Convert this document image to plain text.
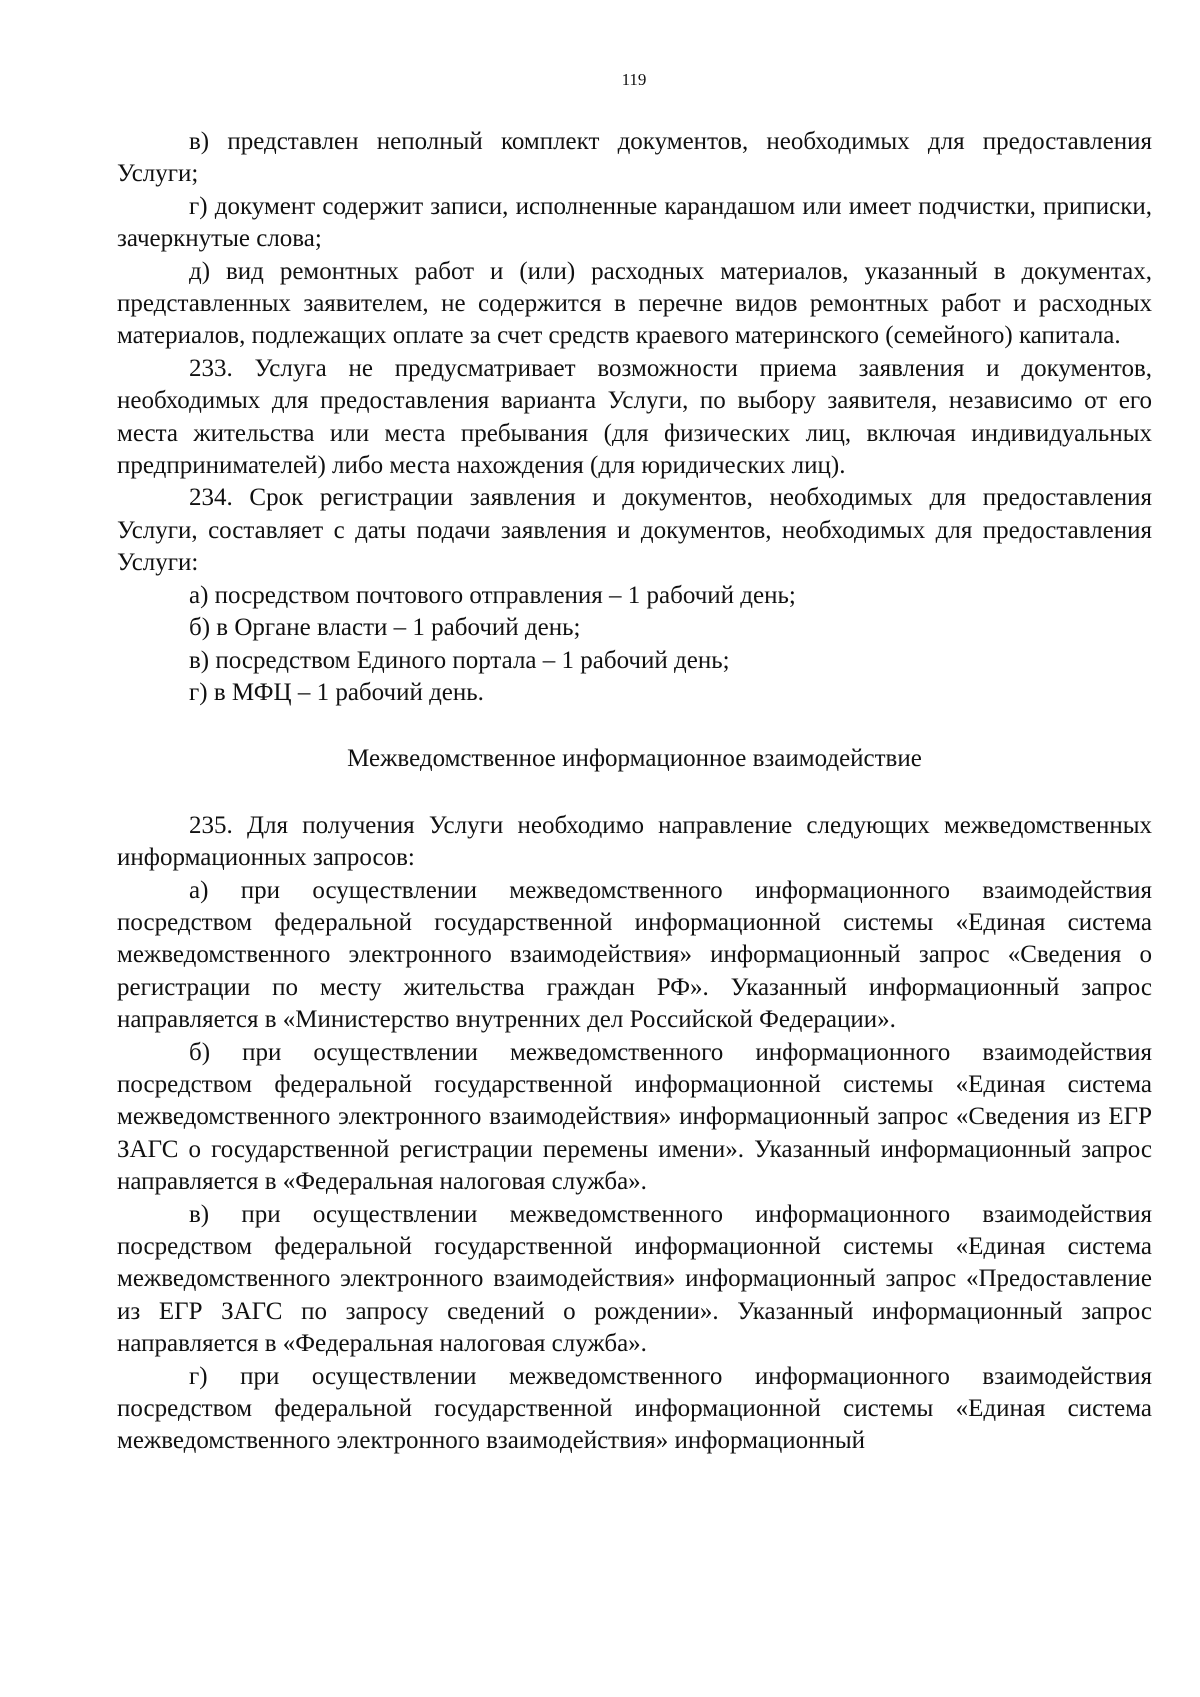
119

в) представлен неполный комплект документов, необходимых для предоставления Услуги;

г) документ содержит записи, исполненные карандашом или имеет подчистки, приписки, зачеркнутые слова;

д) вид ремонтных работ и (или) расходных материалов, указанный в документах, представленных заявителем, не содержится в перечне видов ремонтных работ и расходных материалов, подлежащих оплате за счет средств краевого материнского (семейного) капитала.

233. Услуга не предусматривает возможности приема заявления и документов, необходимых для предоставления варианта Услуги, по выбору заявителя, независимо от его места жительства или места пребывания (для физических лиц, включая индивидуальных предпринимателей) либо места нахождения (для юридических лиц).

234. Срок регистрации заявления и документов, необходимых для предоставления Услуги, составляет с даты подачи заявления и документов, необходимых для предоставления Услуги:

а) посредством почтового отправления – 1 рабочий день;

б) в Органе власти – 1 рабочий день;

в) посредством Единого портала – 1 рабочий день;

г) в МФЦ – 1 рабочий день.

Межведомственное информационное взаимодействие

235. Для получения Услуги необходимо направление следующих межведомственных информационных запросов:

а) при осуществлении межведомственного информационного взаимодействия посредством федеральной государственной информационной системы «Единая система межведомственного электронного взаимодействия» информационный запрос «Сведения о регистрации по месту жительства граждан РФ». Указанный информационный запрос направляется в «Министерство внутренних дел Российской Федерации».

б) при осуществлении межведомственного информационного взаимодействия посредством федеральной государственной информационной системы «Единая система межведомственного электронного взаимодействия» информационный запрос «Сведения из ЕГР ЗАГС о государственной регистрации перемены имени». Указанный информационный запрос направляется в «Федеральная налоговая служба».

в) при осуществлении межведомственного информационного взаимодействия посредством федеральной государственной информационной системы «Единая система межведомственного электронного взаимодействия» информационный запрос «Предоставление из ЕГР ЗАГС по запросу сведений о рождении». Указанный информационный запрос направляется в «Федеральная налоговая служба».

г) при осуществлении межведомственного информационного взаимодействия посредством федеральной государственной информационной системы «Единая система межведомственного электронного взаимодействия» информационный
